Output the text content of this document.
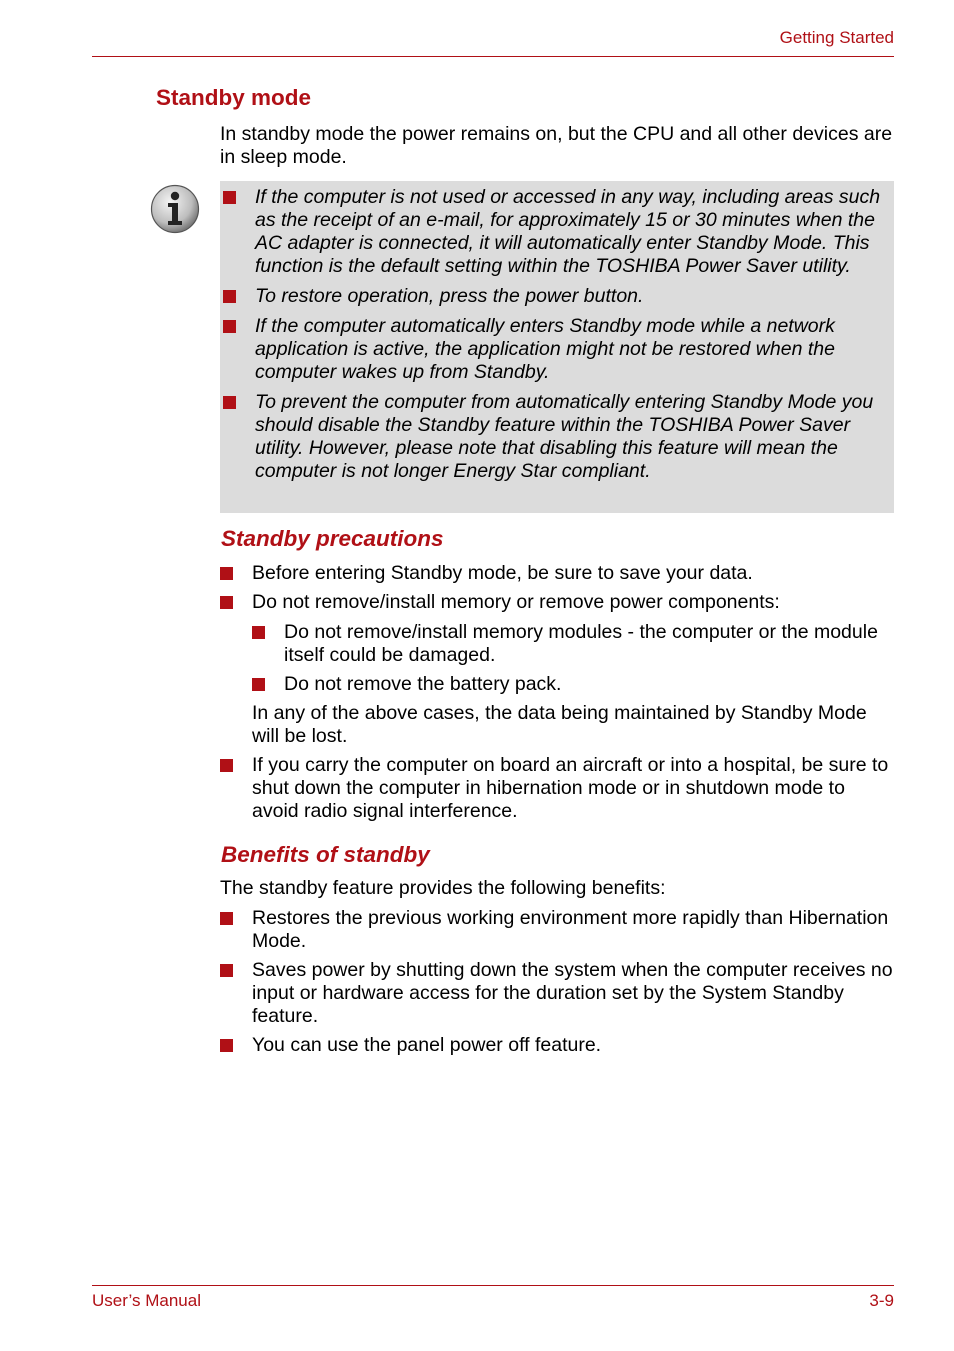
Getting Started
Standby mode
In standby mode the power remains on, but the CPU and all other devices are in sleep mode.
If the computer is not used or accessed in any way, including areas such as the receipt of an e-mail, for approximately 15 or 30 minutes when the AC adapter is connected, it will automatically enter Standby Mode. This function is the default setting within the TOSHIBA Power Saver utility.
To restore operation, press the power button.
If the computer automatically enters Standby mode while a network application is active, the application might not be restored when the computer wakes up from Standby.
To prevent the computer from automatically entering Standby Mode you should disable the Standby feature within the TOSHIBA Power Saver utility. However, please note that disabling this feature will mean the computer is not longer Energy Star compliant.
Standby precautions
Before entering Standby mode, be sure to save your data.
Do not remove/install memory or remove power components:
Do not remove/install memory modules - the computer or the module itself could be damaged.
Do not remove the battery pack.
In any of the above cases, the data being maintained by Standby Mode will be lost.
If you carry the computer on board an aircraft or into a hospital, be sure to shut down the computer in hibernation mode or in shutdown mode to avoid radio signal interference.
Benefits of standby
The standby feature provides the following benefits:
Restores the previous working environment more rapidly than Hibernation Mode.
Saves power by shutting down the system when the computer receives no input or hardware access for the duration set by the System Standby feature.
You can use the panel power off feature.
User’s Manual	3-9
